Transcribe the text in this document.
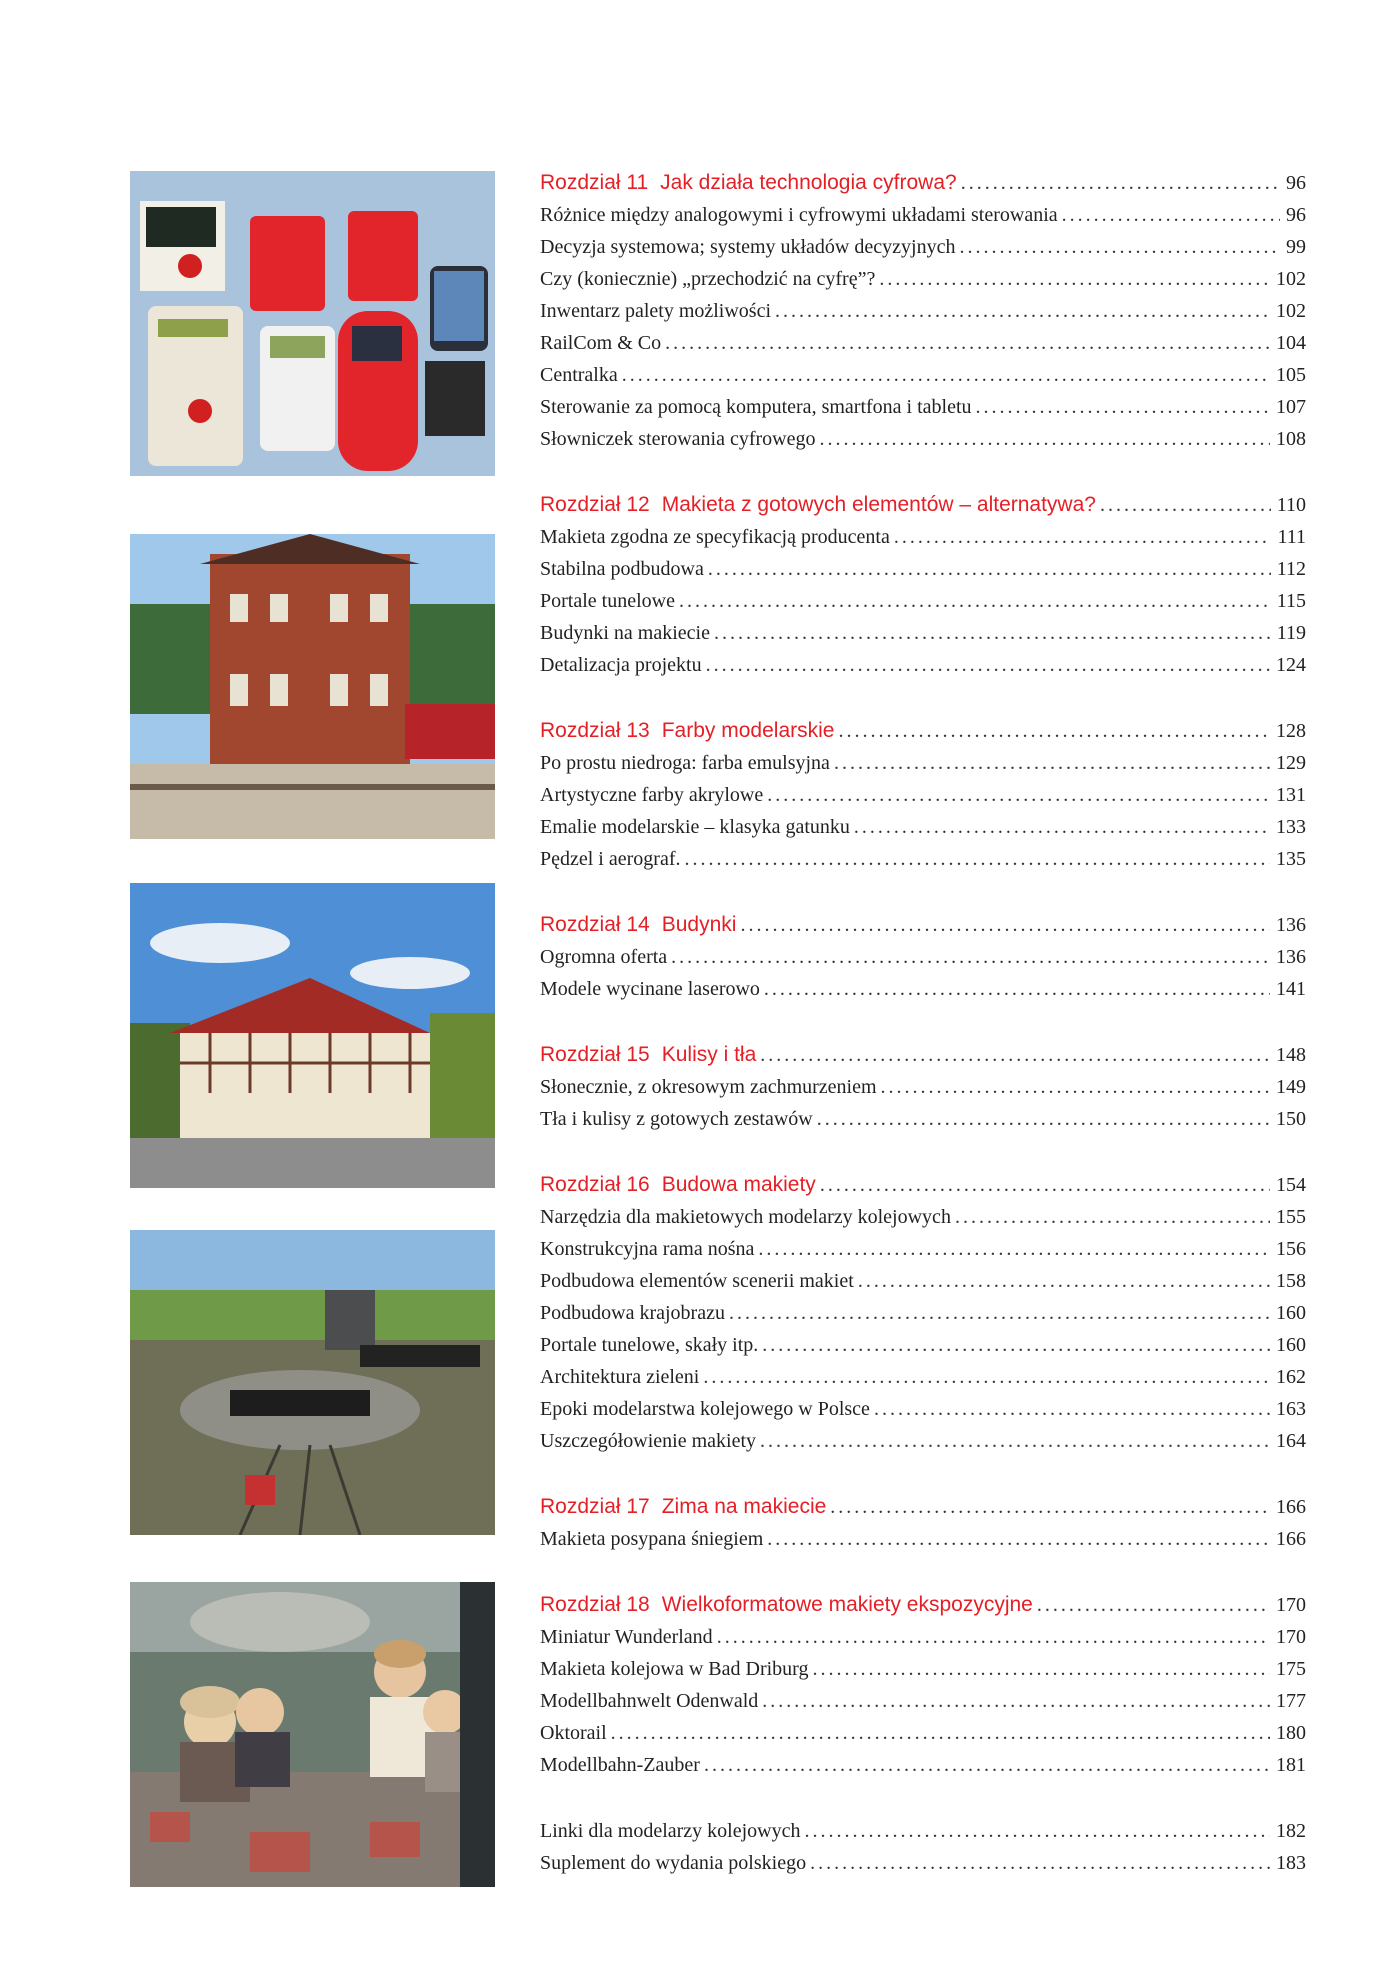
Rozdział 11 Jak działa technologia cyfrowa? .....	96
Różnice między analogowymi i cyfrowymi układami sterowania .....	96
Decyzja systemowa; systemy układów decyzyjnych .....	99
Czy (koniecznie) „przechodzić na cyfrę”? .....	102
Inwentarz palety możliwości .....	102
RailCom & Co .....	104
Centralka .....	105
Sterowanie za pomocą komputera, smartfona i tabletu .....	107
Słowniczek sterowania cyfrowego .....	108
Rozdział 12 Makieta z gotowych elementów – alternatywa? .....	110
Makieta zgodna ze specyfikacją producenta .....	111
Stabilna podbudowa .....	112
Portale tunelowe .....	115
Budynki na makiecie .....	119
Detalizacja projektu .....	124
Rozdział 13 Farby modelarskie .....	128
Po prostu niedroga: farba emulsyjna .....	129
Artystyczne farby akrylowe .....	131
Emalie modelarskie – klasyka gatunku .....	133
Pędzel i aerograf. .....	135
Rozdział 14 Budynki .....	136
Ogromna oferta .....	136
Modele wycinane laserowo .....	141
Rozdział 15 Kulisy i tła .....	148
Słonecznie, z okresowym zachmurzeniem .....	149
Tła i kulisy z gotowych zestawów .....	150
Rozdział 16 Budowa makiety .....	154
Narzędzia dla makietowych modelarzy kolejowych .....	155
Konstrukcyjna rama nośna .....	156
Podbudowa elementów scenerii makiet .....	158
Podbudowa krajobrazu .....	160
Portale tunelowe, skały itp. .....	160
Architektura zieleni .....	162
Epoki modelarstwa kolejowego w Polsce .....	163
Uszczegółowienie makiety .....	164
Rozdział 17 Zima na makiecie .....	166
Makieta posypana śniegiem .....	166
Rozdział 18 Wielkoformatowe makiety ekspozycyjne .....	170
Miniatur Wunderland .....	170
Makieta kolejowa w Bad Driburg .....	175
Modellbahnwelt Odenwald .....	177
Oktorail .....	180
Modellbahn-Zauber .....	181
Linki dla modelarzy kolejowych .....	182
Suplement do wydania polskiego .....	183
